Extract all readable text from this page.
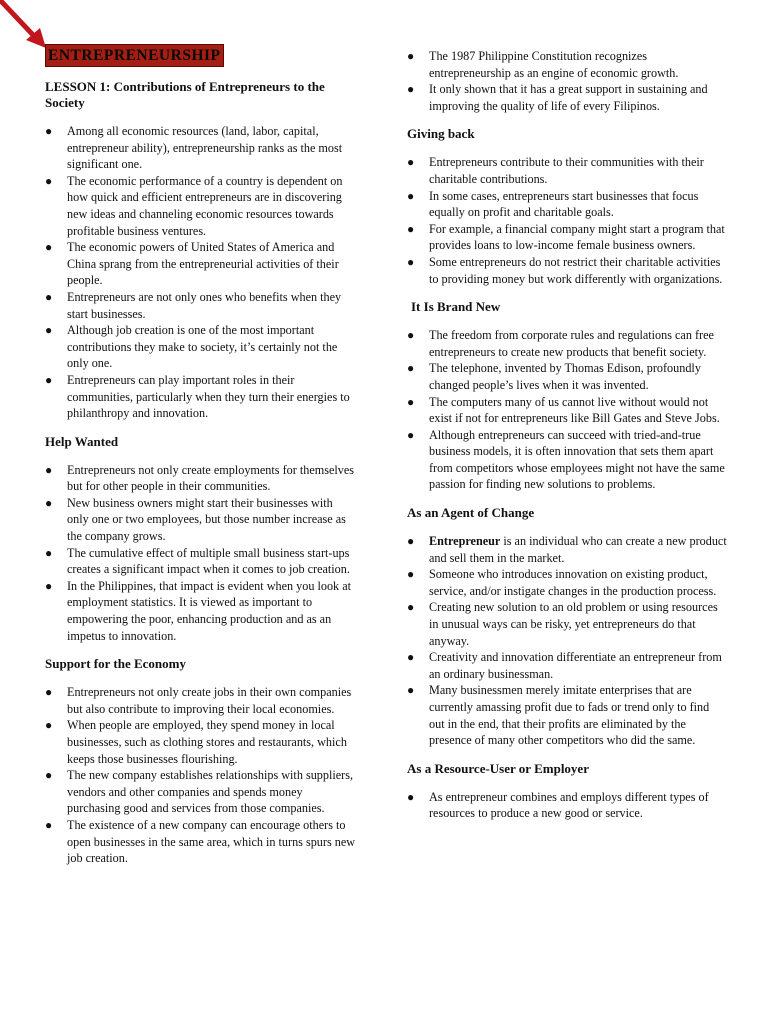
ENTREPRENEURSHIP
LESSON 1: Contributions of Entrepreneurs to the Society
● Among all economic resources (land, labor, capital, entrepreneur ability), entrepreneurship ranks as the most significant one.
● The economic performance of a country is dependent on how quick and efficient entrepreneurs are in discovering new ideas and channeling economic resources towards profitable business ventures.
● The economic powers of United States of America and China sprang from the entrepreneurial activities of their people.
● Entrepreneurs are not only ones who benefits when they start businesses.
● Although job creation is one of the most important contributions they make to society, it’s certainly not the only one.
● Entrepreneurs can play important roles in their communities, particularly when they turn their energies to philanthropy and innovation.
Help Wanted
● Entrepreneurs not only create employments for themselves but for other people in their communities.
● New business owners might start their businesses with only one or two employees, but those number increase as the company grows.
● The cumulative effect of multiple small business start-ups creates a significant impact when it comes to job creation.
● In the Philippines, that impact is evident when you look at employment statistics. It is viewed as important to empowering the poor, enhancing production and as an impetus to innovation.
Support for the Economy
● Entrepreneurs not only create jobs in their own companies but also contribute to improving their local economies.
● When people are employed, they spend money in local businesses, such as clothing stores and restaurants, which keeps those businesses flourishing.
● The new company establishes relationships with suppliers, vendors and other companies and spends money purchasing good and services from those companies.
● The existence of a new company can encourage others to open businesses in the same area, which in turns spurs new job creation.
● The 1987 Philippine Constitution recognizes entrepreneurship as an engine of economic growth.
● It only shown that it has a great support in sustaining and improving the quality of life of every Filipinos.
Giving back
● Entrepreneurs contribute to their communities with their charitable contributions.
● In some cases, entrepreneurs start businesses that focus equally on profit and charitable goals.
● For example, a financial company might start a program that provides loans to low-income female business owners.
● Some entrepreneurs do not restrict their charitable activities to providing money but work differently with organizations.
It Is Brand New
● The freedom from corporate rules and regulations can free entrepreneurs to create new products that benefit society.
● The telephone, invented by Thomas Edison, profoundly changed people’s lives when it was invented.
● The computers many of us cannot live without would not exist if not for entrepreneurs like Bill Gates and Steve Jobs.
● Although entrepreneurs can succeed with tried-and-true business models, it is often innovation that sets them apart from competitors whose employees might not have the same passion for finding new solutions to problems.
As an Agent of Change
● Entrepreneur is an individual who can create a new product and sell them in the market.
● Someone who introduces innovation on existing product, service, and/or instigate changes in the production process.
● Creating new solution to an old problem or using resources in unusual ways can be risky, yet entrepreneurs do that anyway.
● Creativity and innovation differentiate an entrepreneur from an ordinary businessman.
● Many businessmen merely imitate enterprises that are currently amassing profit due to fads or trend only to find out in the end, that their profits are eliminated by the presence of many other competitors who did the same.
As a Resource-User or Employer
● As entrepreneur combines and employs different types of resources to produce a new good or service.
